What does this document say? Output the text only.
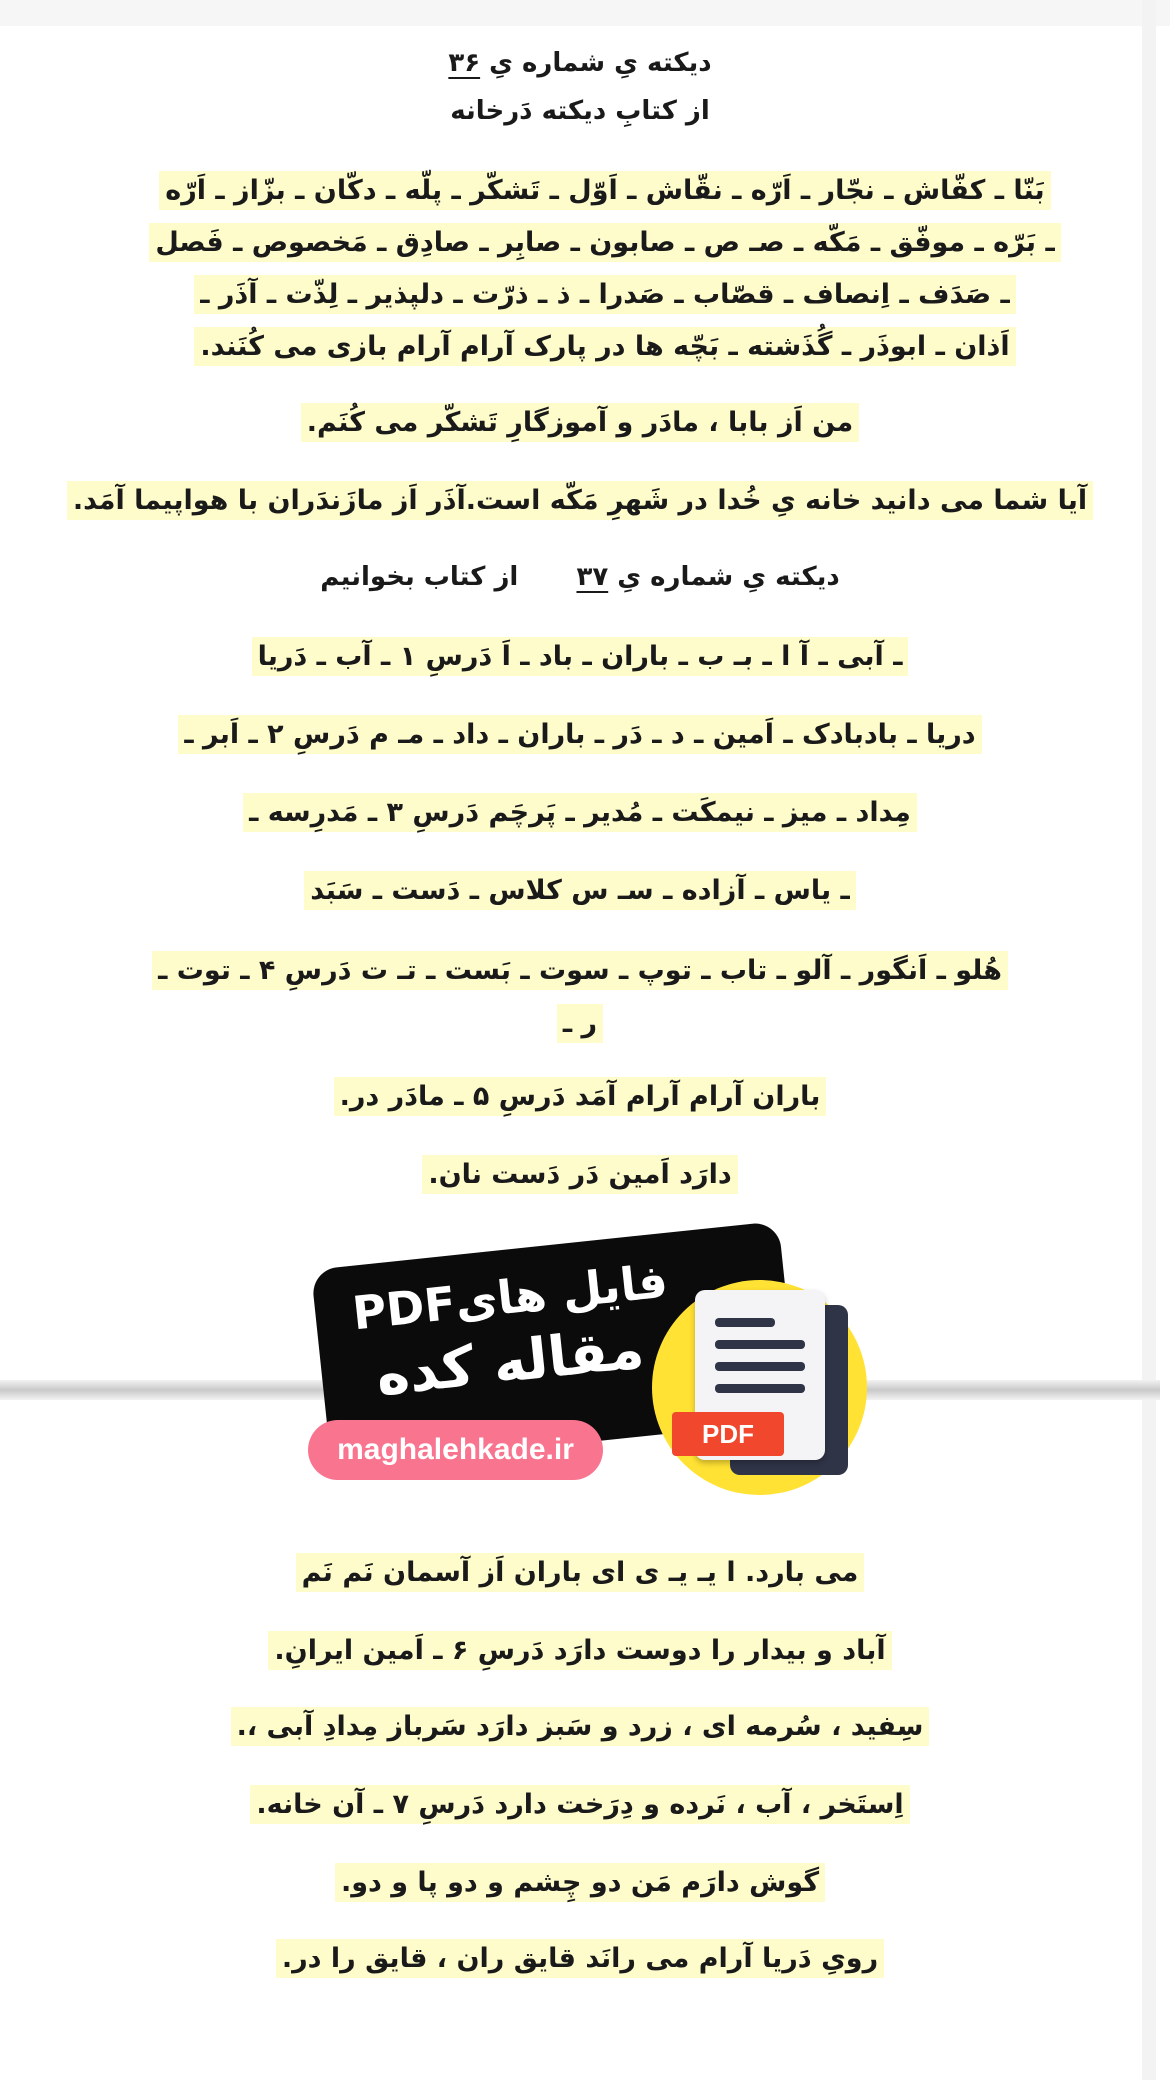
دیکته یِ شماره یِ ۳۶
از کتابِ دیکته دَرخانه
بَنّا ـ کفّاش ـ نجّار ـ اَرّه ـ نقّاش ـ اَوّل ـ تَشکّر ـ پلّه ـ دکّان ـ بزّاز ـ اَرّه
ـ بَرّه ـ موفّق ـ مَکّه ـ صـ ص ـ صابون ـ صابِر ـ صادِق ـ مَخصوص ـ فَصل
ـ صَدَف ـ اِنصاف ـ قصّاب ـ صَدرا ـ ذ ـ ذرّت ـ دلپذیر ـ لِذّت ـ آذَر ـ
اَذان ـ ابوذَر ـ گُذَشته ـ بَچّه ها در پارک آرام آرام بازی می کُنَند.
من اَز بابا ، مادَر و آموزگارِ تَشکّر می کُنَم.
آیا شما می دانید خانه یِ خُدا در شَهرِ مَکّه است.آذَر اَز مازَندَران با هواپیما آمَد.
دیکته یِ شماره یِ ۳۷  از کتاب بخوانیم
ـ آبی ـ آ ا ـ بـ ب ـ باران ـ باد ـ اَ دَرسِ ۱ ـ آب ـ دَریا
دریا ـ بادبادک ـ اَمین ـ د ـ دَر ـ باران ـ داد ـ مـ م دَرسِ ۲ ـ اَبر ـ
مِداد ـ میز ـ نیمکَت ـ مُدیر ـ پَرچَم دَرسِ ۳ ـ مَدرِسه ـ
ـ یاس ـ آزاده ـ سـ س کلاس ـ دَست ـ سَبَد
هُلو ـ اَنگور ـ آلو ـ تاب ـ توپ ـ سوت ـ بَست ـ تـ ت دَرسِ ۴ ـ توت ـ
ر ـ
باران آرام آرام آمَد دَرسِ ۵ ـ مادَر در.
دارَد اَمین دَر دَست نان.
فایل هایPDF
مقاله کده
maghalehkade.ir	PDF
می بارد. ا یـ یـ ی ای باران اَز آسمان نَم نَم
آباد و بیدار را دوست دارَد دَرسِ ۶ ـ اَمین ایرانِ.
سِفید ، سُرمه ای ، زرد و سَبز دارَد سَرباز مِدادِ آبی ،.
اِستَخر ، آب ، نَرده و دِرَخت دارد دَرسِ ۷ ـ آن خانه.
گوش دارَم مَن دو چِشم و دو پا و دو.
رویِ دَریا آرام می رانَد قایق ران ، قایق را در.
